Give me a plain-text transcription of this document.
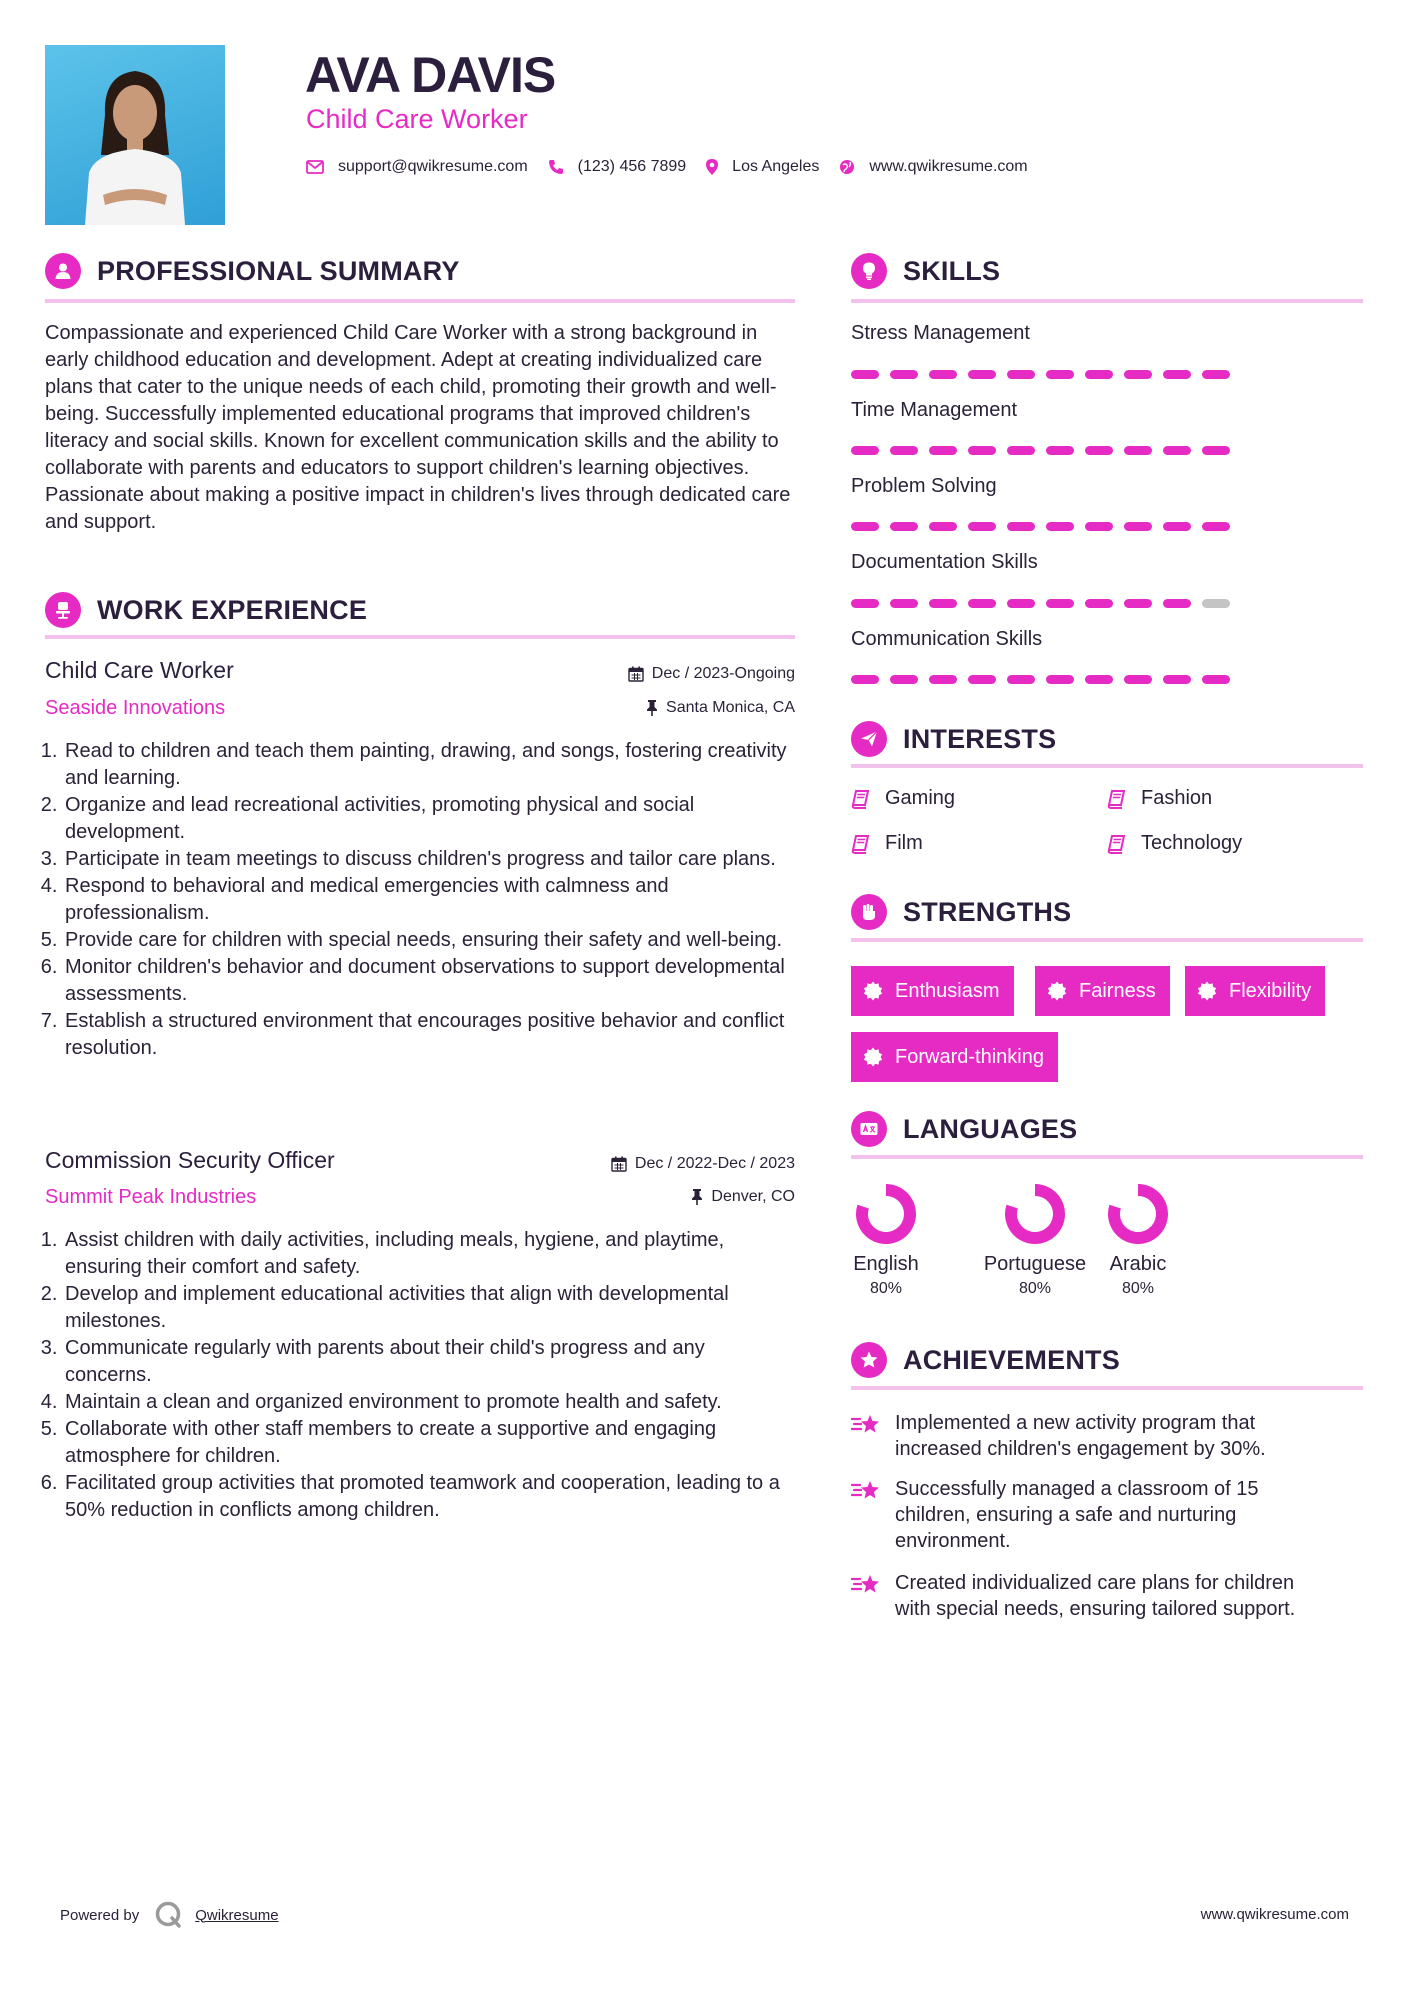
AVA DAVIS
Child Care Worker
support@qwikresume.com	(123) 456 7899	Los Angeles	www.qwikresume.com
PROFESSIONAL SUMMARY
Compassionate and experienced Child Care Worker with a strong background in early childhood education and development. Adept at creating individualized care plans that cater to the unique needs of each child, promoting their growth and well-being. Successfully implemented educational programs that improved children's literacy and social skills. Known for excellent communication skills and the ability to collaborate with parents and educators to support children's learning objectives. Passionate about making a positive impact in children's lives through dedicated care and support.
WORK EXPERIENCE
Child Care Worker	Dec / 2023-Ongoing
Seaside Innovations	Santa Monica, CA
1. Read to children and teach them painting, drawing, and songs, fostering creativity and learning.
2. Organize and lead recreational activities, promoting physical and social development.
3. Participate in team meetings to discuss children's progress and tailor care plans.
4. Respond to behavioral and medical emergencies with calmness and professionalism.
5. Provide care for children with special needs, ensuring their safety and well-being.
6. Monitor children's behavior and document observations to support developmental assessments.
7. Establish a structured environment that encourages positive behavior and conflict resolution.
Commission Security Officer	Dec / 2022-Dec / 2023
Summit Peak Industries	Denver, CO
1. Assist children with daily activities, including meals, hygiene, and playtime, ensuring their comfort and safety.
2. Develop and implement educational activities that align with developmental milestones.
3. Communicate regularly with parents about their child's progress and any concerns.
4. Maintain a clean and organized environment to promote health and safety.
5. Collaborate with other staff members to create a supportive and engaging atmosphere for children.
6. Facilitated group activities that promoted teamwork and cooperation, leading to a 50% reduction in conflicts among children.
SKILLS
Stress Management
Time Management
Problem Solving
Documentation Skills
Communication Skills
INTERESTS
Gaming	Fashion
Film	Technology
STRENGTHS
Enthusiasm	Fairness	Flexibility
Forward-thinking
LANGUAGES
English
80%
Portuguese
80%
Arabic
80%
ACHIEVEMENTS
Implemented a new activity program that increased children's engagement by 30%.
Successfully managed a classroom of 15 children, ensuring a safe and nurturing environment.
Created individualized care plans for children with special needs, ensuring tailored support.
Powered by	Qwikresume	www.qwikresume.com
